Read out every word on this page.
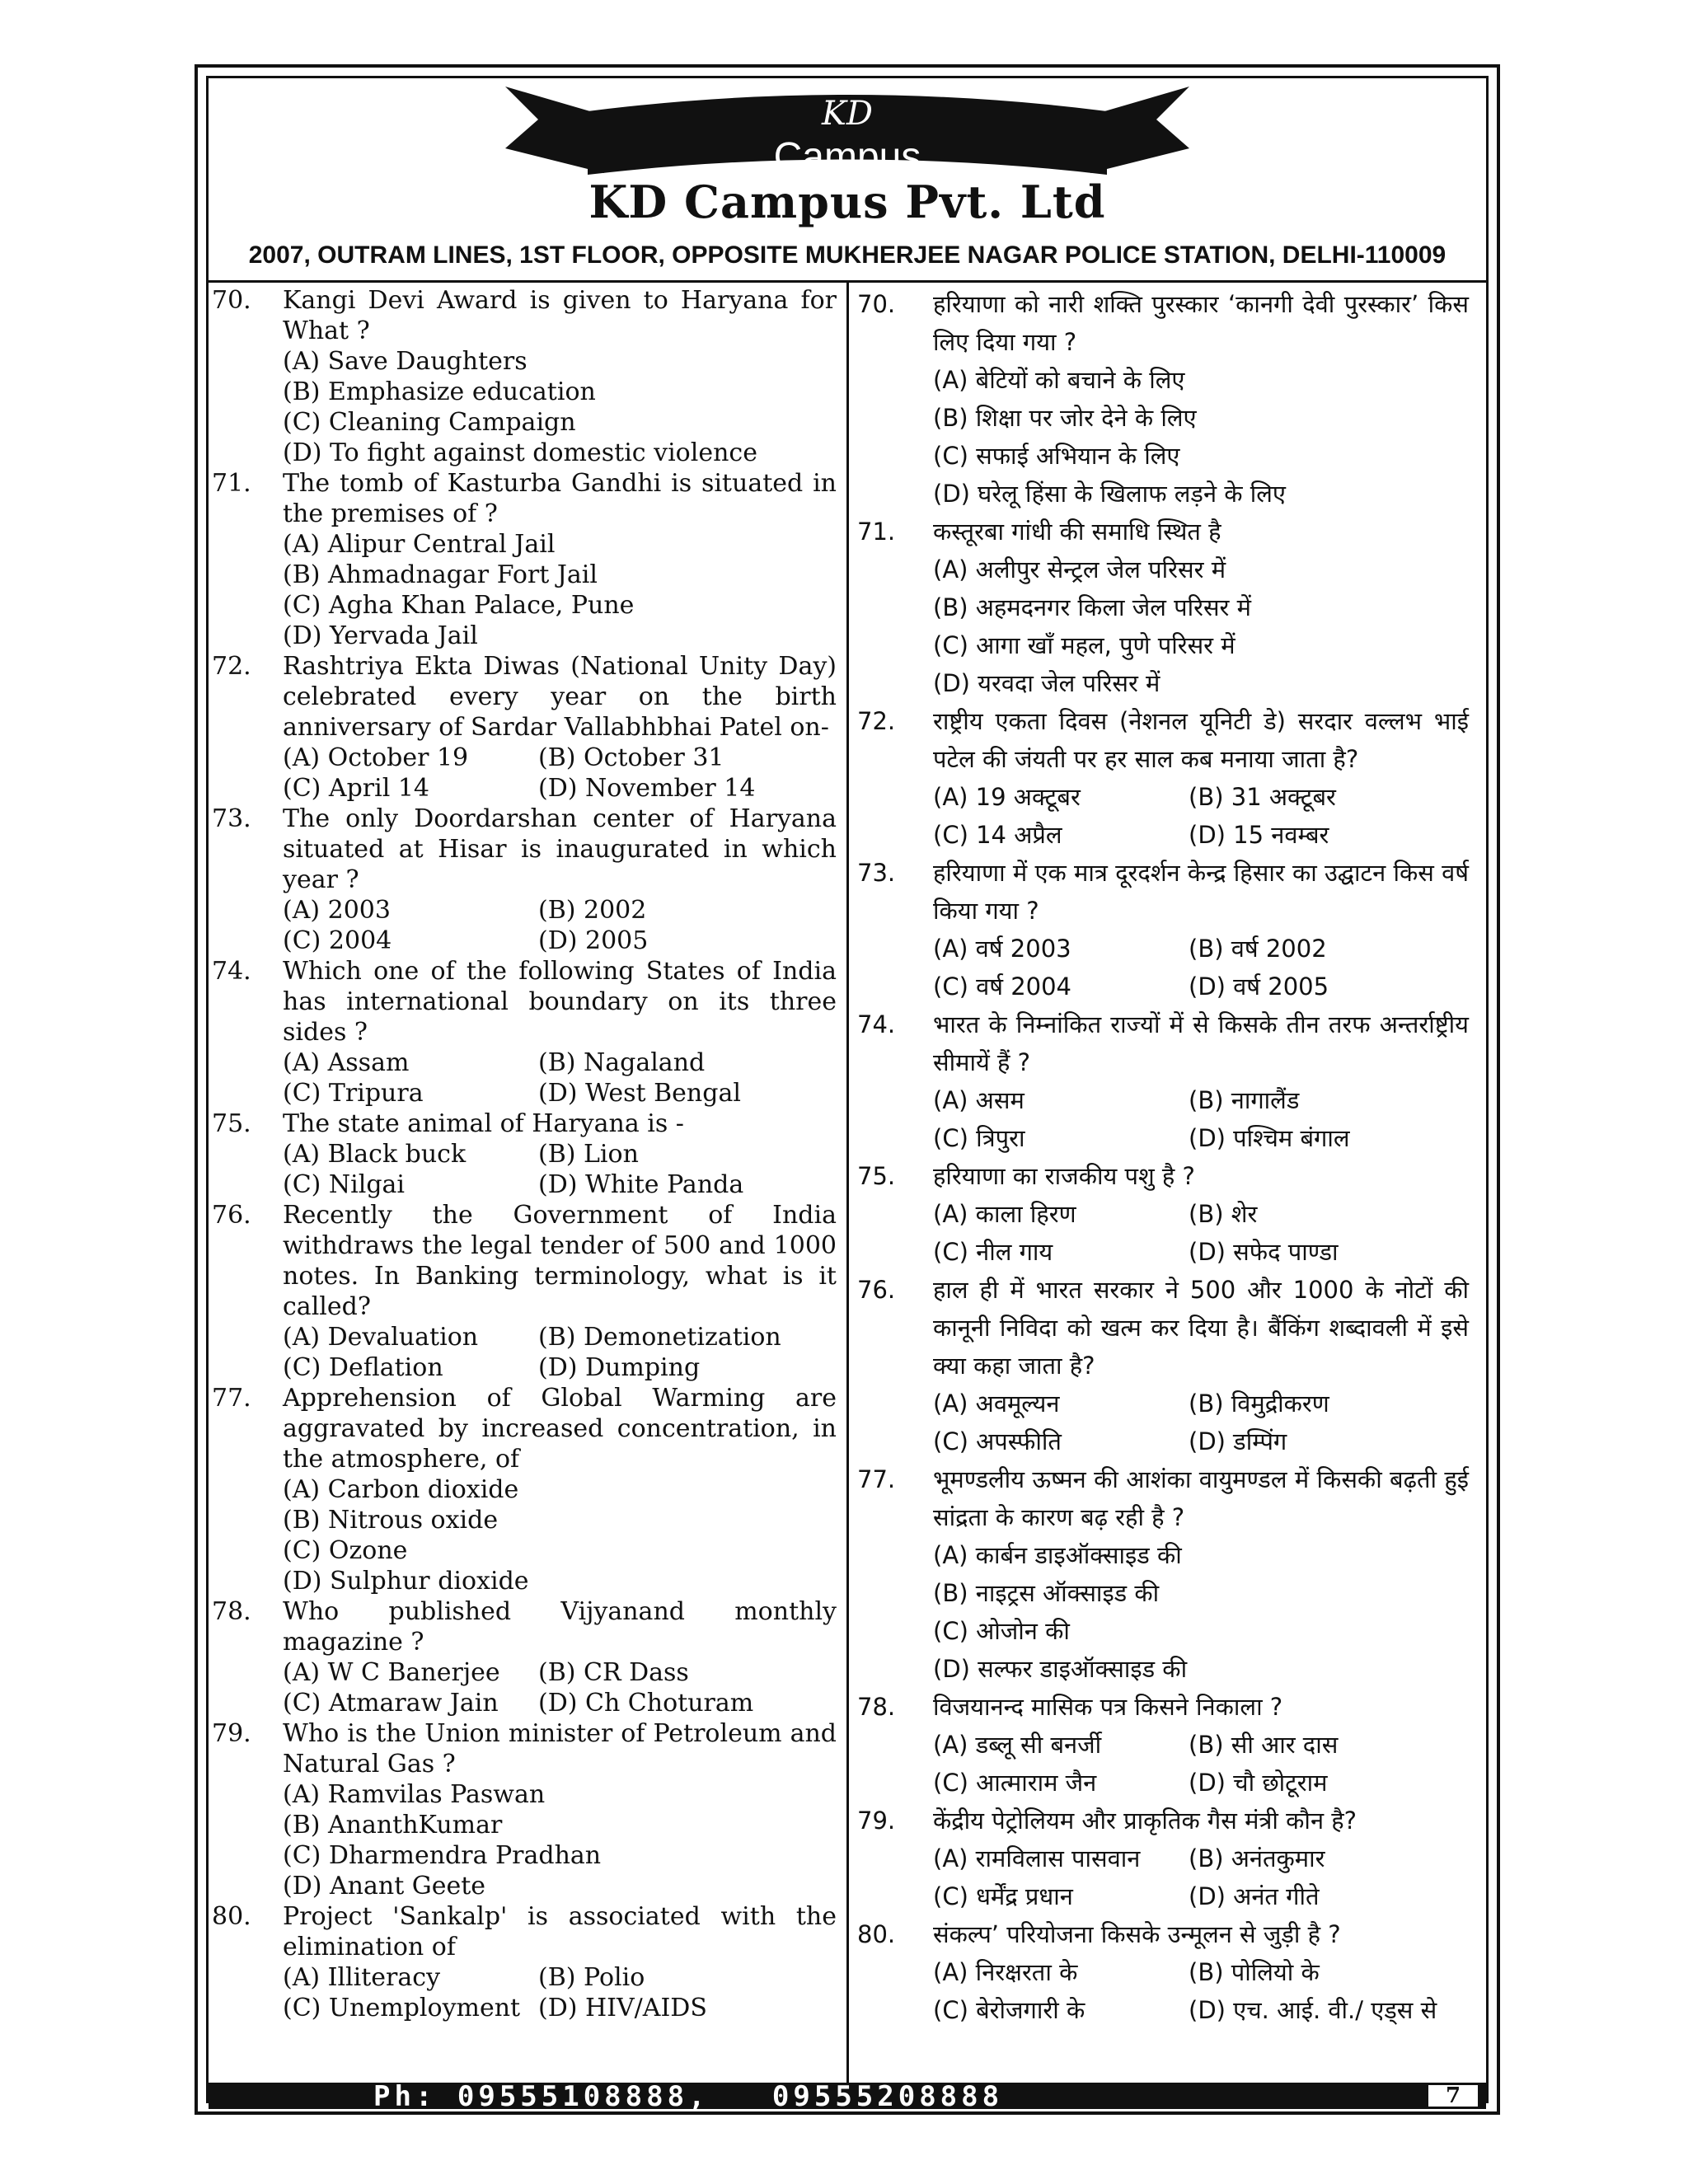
KD
Campus
KD Campus Pvt. Ltd
2007, OUTRAM LINES, 1ST FLOOR, OPPOSITE MUKHERJEE NAGAR POLICE STATION, DELHI-110009
70.	Kangi Devi Award is given to Haryana for What ?
(A) Save Daughters
(B) Emphasize education
(C) Cleaning Campaign
(D) To fight against domestic violence
71.	The tomb of Kasturba Gandhi is situated in the premises of ?
(A) Alipur Central Jail
(B) Ahmadnagar Fort Jail
(C) Agha Khan Palace, Pune
(D) Yervada Jail
72.	Rashtriya Ekta Diwas (National Unity Day) celebrated every year on the birth anniversary of Sardar Vallabhbhai Patel on-
(A) October 19	(B) October 31
(C) April 14	(D) November 14
73.	The only Doordarshan center of Haryana situated at Hisar is inaugurated in which year ?
(A) 2003	(B) 2002
(C) 2004	(D) 2005
74.	Which one of the following States of India has international boundary on its three sides ?
(A) Assam	(B) Nagaland
(C) Tripura	(D) West Bengal
75.	The state animal of Haryana is -
(A) Black buck	(B) Lion
(C) Nilgai	(D) White Panda
76.	Recently the Government of India withdraws the legal tender of 500 and 1000 notes. In Banking terminology, what is it called?
(A) Devaluation	(B) Demonetization
(C) Deflation	(D) Dumping
77.	Apprehension of Global Warming are aggravated by increased concentration, in the atmosphere, of
(A) Carbon dioxide
(B) Nitrous oxide
(C) Ozone
(D) Sulphur dioxide
78.	Who published Vijyanand monthly magazine ?
(A) W C Banerjee	(B) CR Dass
(C) Atmaraw Jain	(D) Ch Choturam
79.	Who is the Union minister of Petroleum and Natural Gas ?
(A) Ramvilas Paswan
(B) AnanthKumar
(C) Dharmendra Pradhan
(D) Anant Geete
80.	Project 'Sankalp' is associated with the elimination of
(A) Illiteracy	(B) Polio
(C) Unemployment (D) HIV/AIDS
70.	हरियाणा को नारी शक्ति पुरस्कार ‘कानगी देवी पुरस्कार’ किस लिए दिया गया ?
(A) बेटियों को बचाने के लिए
(B) शिक्षा पर जोर देने के लिए
(C) सफाई अभियान के लिए
(D) घरेलू हिंसा के खिलाफ लड़ने के लिए
71.	कस्तूरबा गांधी की समाधि स्थित है
(A) अलीपुर सेन्ट्रल जेल परिसर में
(B) अहमदनगर किला जेल परिसर में
(C) आगा खाँ महल, पुणे परिसर में
(D) यरवदा जेल परिसर में
72.	राष्ट्रीय एकता दिवस (नेशनल यूनिटी डे) सरदार वल्लभ भाई पटेल की जंयती पर हर साल कब मनाया जाता है?
(A) 19 अक्टूबर	(B) 31 अक्टूबर
(C) 14 अप्रैल	(D) 15 नवम्बर
73.	हरियाणा में एक मात्र दूरदर्शन केन्द्र हिसार का उद्घाटन किस वर्ष किया गया ?
(A) वर्ष 2003	(B) वर्ष 2002
(C) वर्ष 2004	(D) वर्ष 2005
74.	भारत के निम्नांकित राज्यों में से किसके तीन तरफ अन्तर्राष्ट्रीय सीमायें हैं ?
(A) असम	(B) नागालैंड
(C) त्रिपुरा	(D) पश्चिम बंगाल
75.	हरियाणा का राजकीय पशु है ?
(A) काला हिरण	(B) शेर
(C) नील गाय	(D) सफेद पाण्डा
76.	हाल ही में भारत सरकार ने 500 और 1000 के नोटों की कानूनी निविदा को खत्म कर दिया है। बैंकिंग शब्दावली में इसे क्या कहा जाता है?
(A) अवमूल्यन	(B) विमुद्रीकरण
(C) अपस्फीति	(D) डम्पिंग
77.	भूमण्डलीय ऊष्मन की आशंका वायुमण्डल में किसकी बढ़ती हुई सांद्रता के कारण बढ़ रही है ?
(A) कार्बन डाइऑक्साइड की
(B) नाइट्रस ऑक्साइड की
(C) ओजोन की
(D) सल्फर डाइऑक्साइड की
78.	विजयानन्द मासिक पत्र किसने निकाला ?
(A) डब्लू सी बनर्जी	(B) सी आर दास
(C) आत्माराम जैन	(D) चौ छोटूराम
79.	केंद्रीय पेट्रोलियम और प्राकृतिक गैस मंत्री कौन है?
(A) रामविलास पासवान	(B) अनंतकुमार
(C) धर्मेंद्र प्रधान	(D) अनंत गीते
80.	संकल्प’ परियोजना किसके उन्मूलन से जुड़ी है ?
(A) निरक्षरता के	(B) पोलियो के
(C) बेरोजगारी के	(D) एच. आई. वी./ एड्स से
Ph: 09555108888,   09555208888	7
